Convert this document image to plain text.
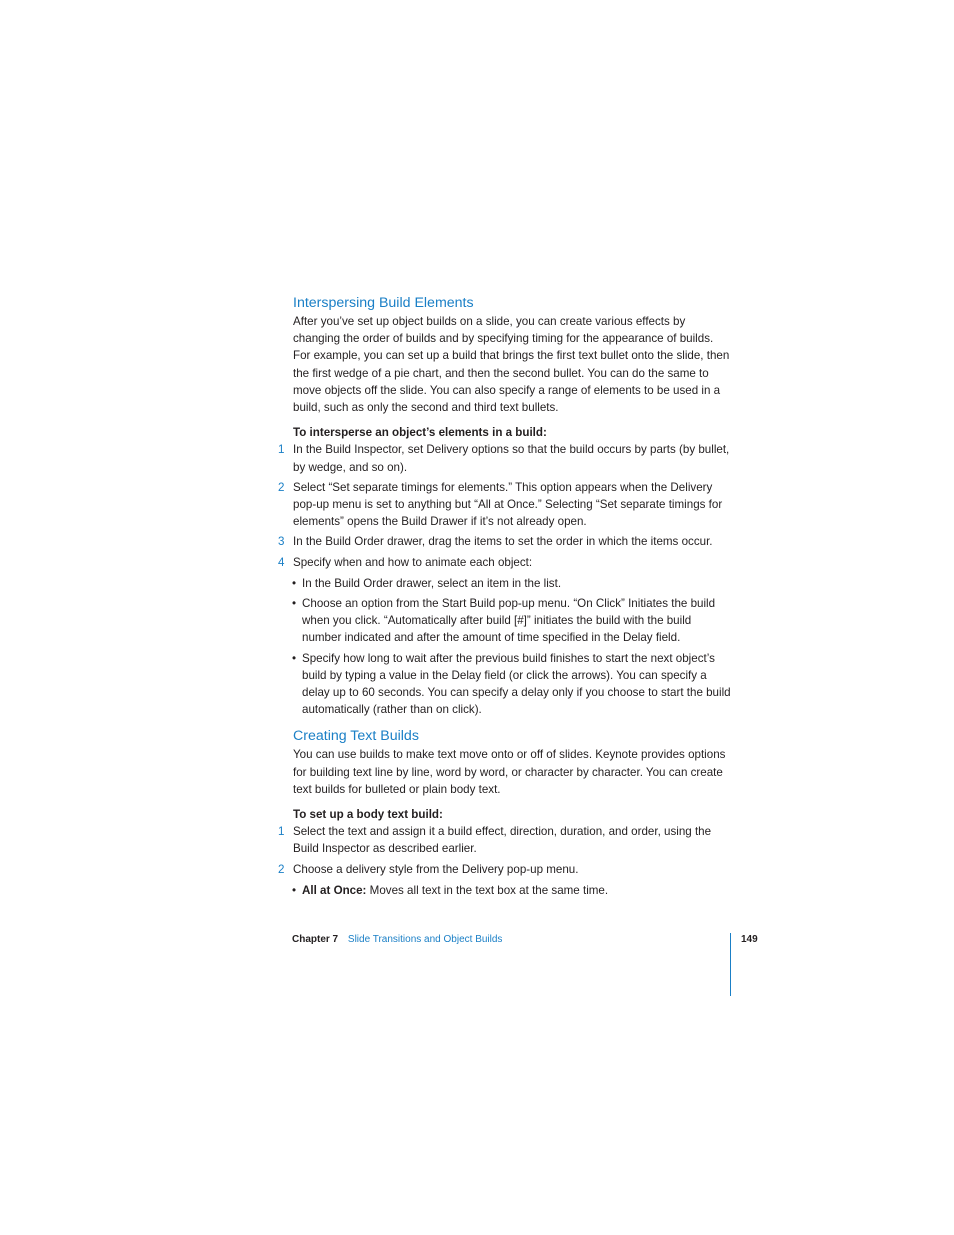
Interspersing Build Elements

After you’ve set up object builds on a slide, you can create various effects by changing the order of builds and by specifying timing for the appearance of builds. For example, you can set up a build that brings the first text bullet onto the slide, then the first wedge of a pie chart, and then the second bullet. You can do the same to move objects off the slide. You can also specify a range of elements to be used in a build, such as only the second and third text bullets.

To intersperse an object’s elements in a build:

1 In the Build Inspector, set Delivery options so that the build occurs by parts (by bullet, by wedge, and so on).
2 Select “Set separate timings for elements.” This option appears when the Delivery pop-up menu is set to anything but “All at Once.” Selecting “Set separate timings for elements” opens the Build Drawer if it’s not already open.
3 In the Build Order drawer, drag the items to set the order in which the items occur.
4 Specify when and how to animate each object:
• In the Build Order drawer, select an item in the list.
• Choose an option from the Start Build pop-up menu. “On Click” Initiates the build when you click. “Automatically after build [#]” initiates the build with the build number indicated and after the amount of time specified in the Delay field.
• Specify how long to wait after the previous build finishes to start the next object’s build by typing a value in the Delay field (or click the arrows). You can specify a delay up to 60 seconds. You can specify a delay only if you choose to start the build automatically (rather than on click).
Creating Text Builds

You can use builds to make text move onto or off of slides. Keynote provides options for building text line by line, word by word, or character by character. You can create text builds for bulleted or plain body text.

To set up a body text build:

1 Select the text and assign it a build effect, direction, duration, and order, using the Build Inspector as described earlier.
2 Choose a delivery style from the Delivery pop-up menu.
• All at Once: Moves all text in the text box at the same time.
Chapter 7 Slide Transitions and Object Builds	149
